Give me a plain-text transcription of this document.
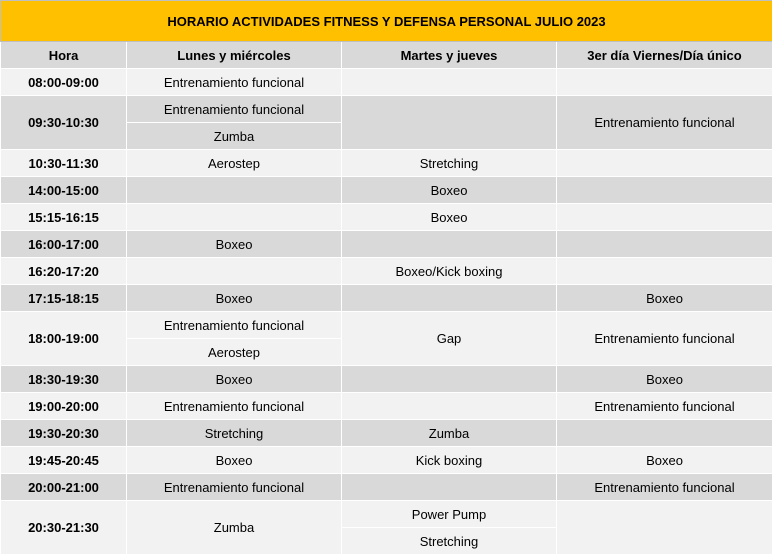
HORARIO ACTIVIDADES FITNESS Y DEFENSA PERSONAL JULIO 2023			
Hora	Lunes y miércoles	Martes y jueves	3er día Viernes/Día único
08:00-09:00	Entrenamiento funcional		
09:30-10:30	Entrenamiento funcional		Entrenamiento funcional
	Zumba		
10:30-11:30	Aerostep	Stretching	
14:00-15:00		Boxeo	
15:15-16:15		Boxeo	
16:00-17:00	Boxeo		
16:20-17:20		Boxeo/Kick boxing	
17:15-18:15	Boxeo		Boxeo
18:00-19:00	Entrenamiento funcional	Gap	Entrenamiento funcional
	Aerostep		
18:30-19:30	Boxeo		Boxeo
19:00-20:00	Entrenamiento funcional		Entrenamiento funcional
19:30-20:30	Stretching	Zumba	
19:45-20:45	Boxeo	Kick boxing	Boxeo
20:00-21:00	Entrenamiento funcional		Entrenamiento funcional
20:30-21:30	Zumba	Power Pump	
		Stretching	
